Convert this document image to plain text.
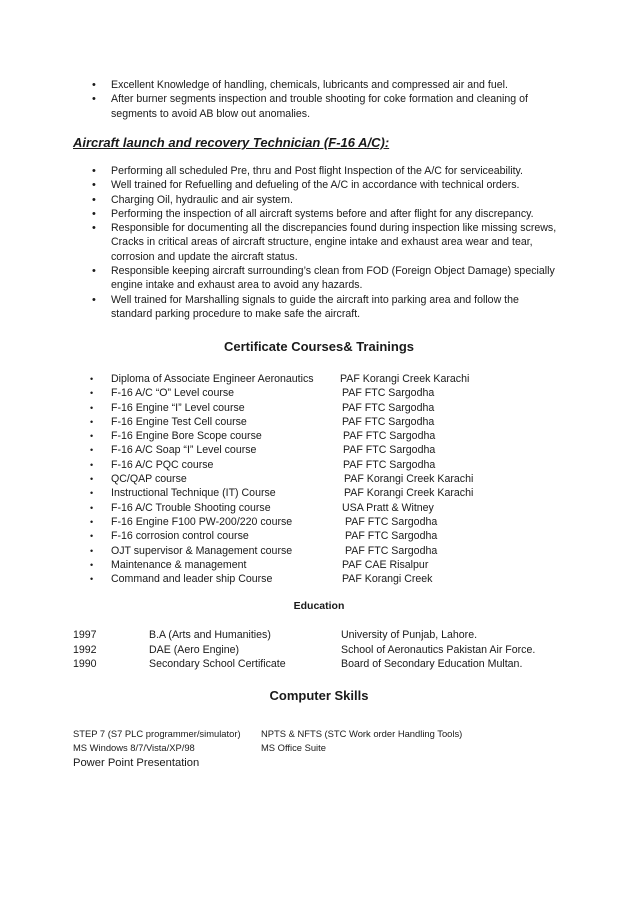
• Excellent Knowledge of handling, chemicals, lubricants and compressed air and fuel.
• After burner segments inspection and trouble shooting for coke formation and cleaning of segments to avoid AB blow out anomalies.
Aircraft launch and recovery Technician (F-16 A/C):
• Performing all scheduled Pre, thru and Post flight Inspection of the A/C for serviceability.
• Well trained for Refuelling and defueling of the A/C in accordance with technical orders.
• Charging Oil, hydraulic and air system.
• Performing the inspection of all aircraft systems before and after flight for any discrepancy.
• Responsible for documenting all the discrepancies found during inspection like missing screws, Cracks in critical areas of aircraft structure, engine intake and exhaust area wear and tear, corrosion and update the aircraft status.
• Responsible keeping aircraft surrounding’s clean from FOD (Foreign Object Damage) specially engine intake and exhaust area to avoid any hazards.
• Well trained for Marshalling signals to guide the aircraft into parking area and follow the standard parking procedure to make safe the aircraft.
Certificate Courses& Trainings
• Diploma of Associate Engineer Aeronautics PAF Korangi Creek Karachi
• F-16 A/C “O” Level course	PAF FTC Sargodha
• F-16 Engine “I” Level course	PAF FTC Sargodha
• F-16 Engine Test Cell course	PAF FTC Sargodha
• F-16 Engine Bore Scope course	PAF FTC Sargodha
• F-16 A/C Soap “I” Level course	PAF FTC Sargodha
• F-16 A/C PQC course	PAF FTC Sargodha
• QC/QAP course	PAF Korangi Creek Karachi
• Instructional Technique (IT) Course	PAF Korangi Creek Karachi
• F-16 A/C Trouble Shooting course	USA Pratt & Witney
• F-16 Engine F100 PW-200/220 course	PAF FTC Sargodha
• F-16 corrosion control course	PAF FTC Sargodha
• OJT supervisor & Management course	PAF FTC Sargodha
• Maintenance & management	PAF CAE Risalpur
• Command and leader ship Course	PAF Korangi Creek
Education
1997	B.A (Arts and Humanities)	University of Punjab, Lahore.
1992	DAE (Aero Engine)	School of Aeronautics Pakistan Air Force.
1990	Secondary School Certificate	Board of Secondary Education Multan.
Computer Skills
STEP 7 (S7 PLC programmer/simulator) NPTS & NFTS (STC Work order Handling Tools)
MS Windows 8/7/Vista/XP/98	MS Office Suite
Power Point Presentation
